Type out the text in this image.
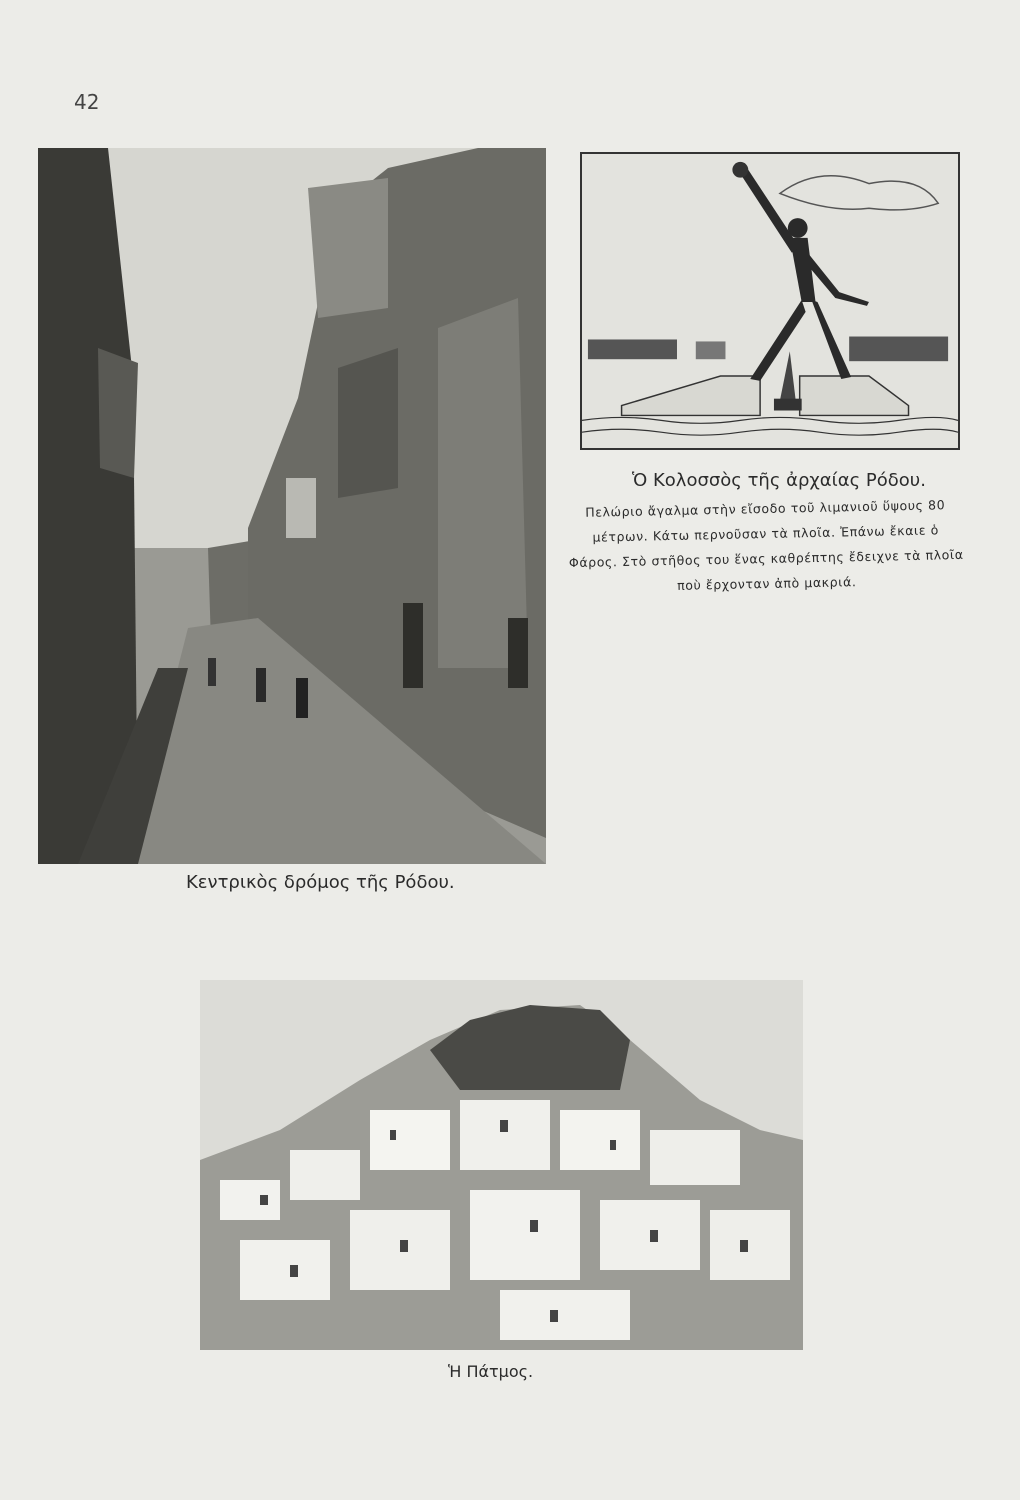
42
Κεντρικὸς δρόμος τῆς Ρόδου.
Ὁ Κολοσσὸς τῆς ἀρχαίας Ρόδου.
Πελώριο ἄγαλμα στὴν εἴσοδο τοῦ λιμανιοῦ ὕψους 80 μέτρων. Κάτω περνοῦσαν τὰ πλοῖα. Ἐπάνω ἔκαιε ὁ Φάρος. Στὸ στῆθος του ἕνας καθρέπτης ἔδειχνε τὰ πλοῖα ποὺ ἔρχονταν ἀπὸ μακριά.
Ἡ Πάτμος.
